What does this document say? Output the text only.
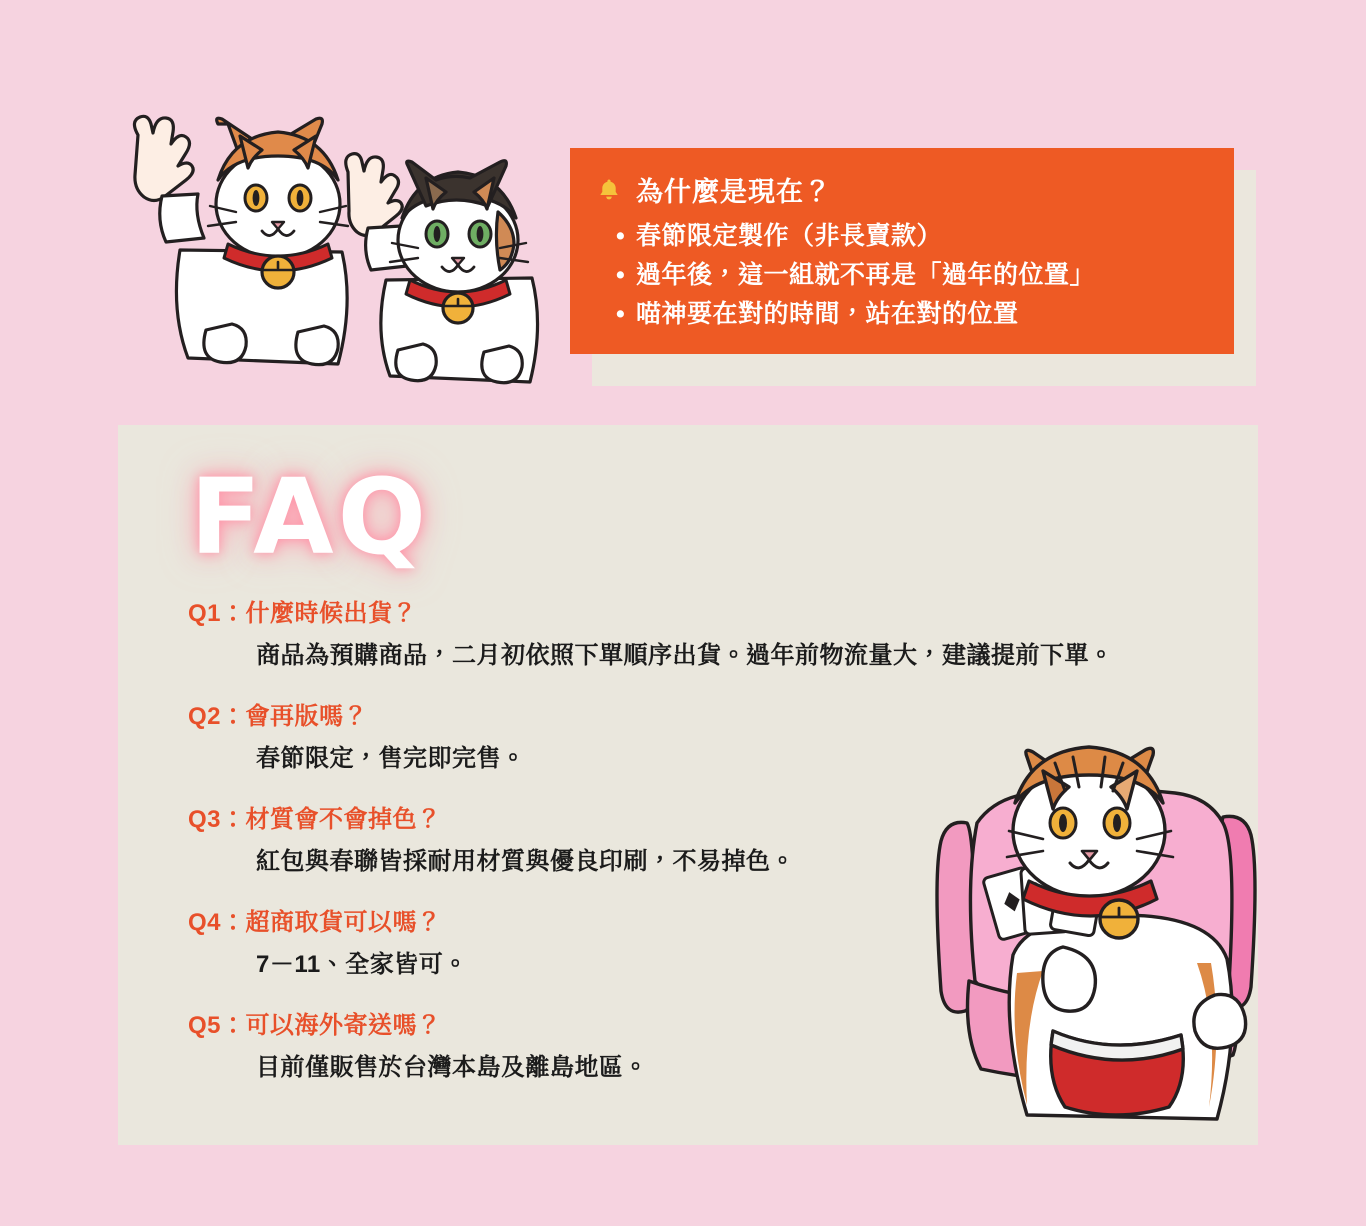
為什麼是現在？
• 春節限定製作（非長賣款）
• 過年後，這一組就不再是「過年的位置」
• 喵神要在對的時間，站在對的位置
FAQ
Q1：什麼時候出貨？
商品為預購商品，二月初依照下單順序出貨。過年前物流量大，建議提前下單。
Q2：會再版嗎？
春節限定，售完即完售。
Q3：材質會不會掉色？
紅包與春聯皆採耐用材質與優良印刷，不易掉色。
Q4：超商取貨可以嗎？
7－11、全家皆可。
Q5：可以海外寄送嗎？
目前僅販售於台灣本島及離島地區。
